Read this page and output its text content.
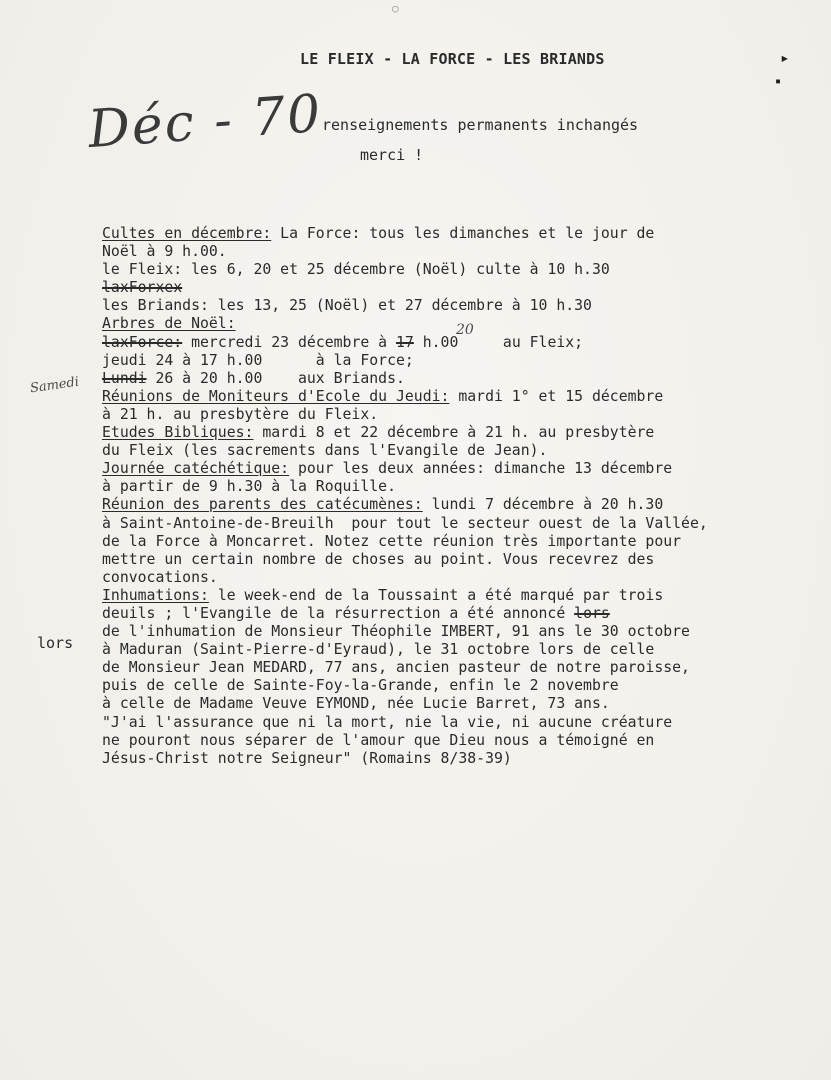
○
▸
▪
LE FLEIX - LA FORCE - LES BRIANDS
Déc - 70
renseignements permanents inchangés
merci !
Samedi
20
lors
Cultes en décembre: La Force: tous les dimanches et le jour de
Noël à 9 h.00.
le Fleix: les 6, 20 et 25 décembre (Noël) culte à 10 h.30
laxForxex
les Briands: les 13, 25 (Noël) et 27 décembre à 10 h.30
Arbres de Noël:
laxForce: mercredi 23 décembre à 17 h.00     au Fleix;
jeudi 24 à 17 h.00      à la Force;
Lundi 26 à 20 h.00    aux Briands.
Réunions de Moniteurs d'Ecole du Jeudi: mardi 1° et 15 décembre
à 21 h. au presbytère du Fleix.
Etudes Bibliques: mardi 8 et 22 décembre à 21 h. au presbytère
du Fleix (les sacrements dans l'Evangile de Jean).
Journée catéchétique: pour les deux années: dimanche 13 décembre
à partir de 9 h.30 à la Roquille.
Réunion des parents des catécumènes: lundi 7 décembre à 20 h.30
à Saint-Antoine-de-Breuilh  pour tout le secteur ouest de la Vallée,
de la Force à Moncarret. Notez cette réunion très importante pour
mettre un certain nombre de choses au point. Vous recevrez des
convocations.
Inhumations: le week-end de la Toussaint a été marqué par trois
deuils ; l'Evangile de la résurrection a été annoncé lors
de l'inhumation de Monsieur Théophile IMBERT, 91 ans le 30 octobre
à Maduran (Saint-Pierre-d'Eyraud), le 31 octobre lors de celle
de Monsieur Jean MEDARD, 77 ans, ancien pasteur de notre paroisse,
puis de celle de Sainte-Foy-la-Grande, enfin le 2 novembre
à celle de Madame Veuve EYMOND, née Lucie Barret, 73 ans.
"J'ai l'assurance que ni la mort, nie la vie, ni aucune créature
ne pouront nous séparer de l'amour que Dieu nous a témoigné en
Jésus-Christ notre Seigneur" (Romains 8/38-39)
